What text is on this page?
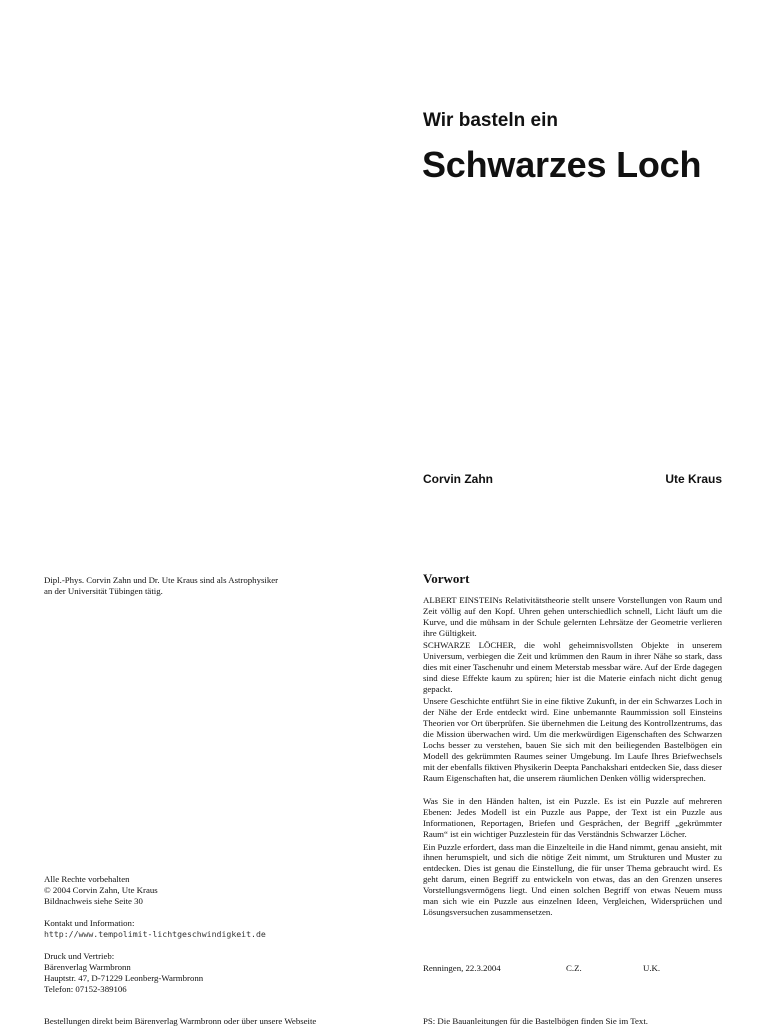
Wir basteln ein
Schwarzes Loch
Corvin Zahn	Ute Kraus
Dipl.-Phys. Corvin Zahn und Dr. Ute Kraus sind als Astrophysiker
an der Universität Tübingen tätig.
Alle Rechte vorbehalten
© 2004 Corvin Zahn, Ute Kraus
Bildnachweis siehe Seite 30
Kontakt und Information:
http://www.tempolimit-lichtgeschwindigkeit.de
Druck und Vertrieb:
Bärenverlag Warmbronn
Hauptstr. 47, D-71229 Leonberg-Warmbronn
Telefon: 07152-389106
Bestellungen direkt beim Bärenverlag Warmbronn oder über unsere Webseite
Vorwort

ALBERT EINSTEINs Relativitätstheorie stellt unsere Vorstellungen von Raum und Zeit völlig auf den Kopf. Uhren gehen unterschiedlich schnell, Licht läuft um die Kurve, und die mühsam in der Schule gelernten Lehrsätze der Geometrie verlieren ihre Gültigkeit.

SCHWARZE LÖCHER, die wohl geheimnisvollsten Objekte in unserem Universum, verbiegen die Zeit und krümmen den Raum in ihrer Nähe so stark, dass dies mit einer Taschenuhr und einem Meterstab messbar wäre. Auf der Erde dagegen sind diese Effekte kaum zu spüren; hier ist die Materie einfach nicht dicht genug gepackt.

Unsere Geschichte entführt Sie in eine fiktive Zukunft, in der ein Schwarzes Loch in der Nähe der Erde entdeckt wird. Eine unbemannte Raummission soll Einsteins Theorien vor Ort überprüfen. Sie übernehmen die Leitung des Kontrollzentrums, das die Mission überwachen wird. Um die merkwürdigen Eigenschaften des Schwarzen Lochs besser zu verstehen, bauen Sie sich mit den beiliegenden Bastelbögen ein Modell des gekrümmten Raumes seiner Umgebung. Im Laufe Ihres Briefwechsels mit der ebenfalls fiktiven Physikerin Deepta Panchakshari entdecken Sie, dass dieser Raum Eigenschaften hat, die unserem räumlichen Denken völlig widersprechen.

Was Sie in den Händen halten, ist ein Puzzle. Es ist ein Puzzle auf mehreren Ebenen: Jedes Modell ist ein Puzzle aus Pappe, der Text ist ein Puzzle aus Informationen, Reportagen, Briefen und Gesprächen, der Begriff „gekrümmter Raum“ ist ein wichtiger Puzzlestein für das Verständnis Schwarzer Löcher.

Ein Puzzle erfordert, dass man die Einzelteile in die Hand nimmt, genau ansieht, mit ihnen herumspielt, und sich die nötige Zeit nimmt, um Strukturen und Muster zu entdecken. Dies ist genau die Einstellung, die für unser Thema gebraucht wird. Es geht darum, einen Begriff zu entwickeln von etwas, das an den Grenzen unseres Vorstellungsvermögens liegt. Und einen solchen Begriff von etwas Neuem muss man sich wie ein Puzzle aus einzelnen Ideen, Vergleichen, Widersprüchen und Lösungsversuchen zusammensetzen.

Renningen, 22.3.2004	C.Z.	U.K.
PS: Die Bauanleitungen für die Bastelbögen finden Sie im Text.
